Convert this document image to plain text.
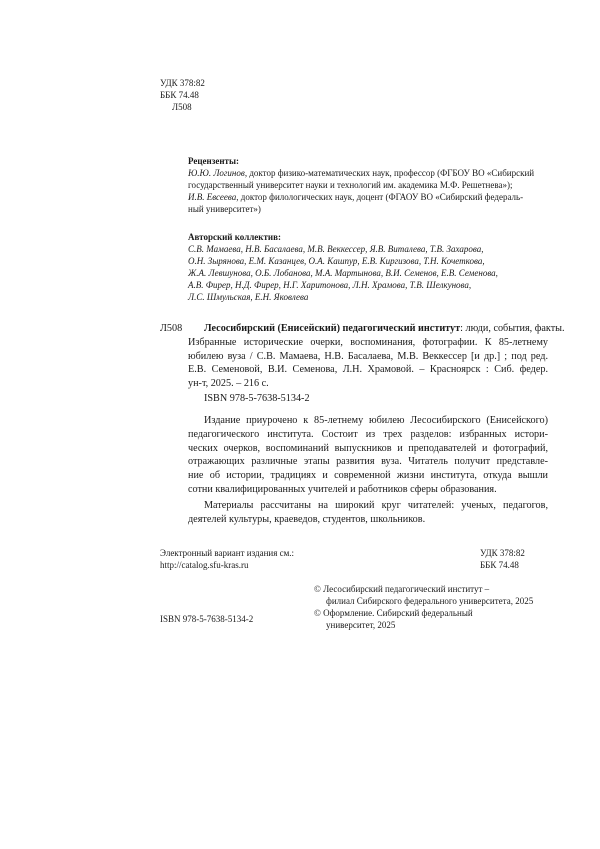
УДК 378:82
ББК 74.48
Л508
Рецензенты:
Ю.Ю. Логинов, доктор физико-математических наук, профессор (ФГБОУ ВО «Сибирский
государственный университет науки и технологий им. академика М.Ф. Решетнева»);
И.В. Евсеева, доктор филологических наук, доцент (ФГАОУ ВО «Сибирский федераль-
ный университет»)
Авторский коллектив:
С.В. Мамаева, Н.В. Басалаева, М.В. Веккессер, Я.В. Виталева, Т.В. Захарова,
О.Н. Зырянова, Е.М. Казанцев, О.А. Кашпур, Е.В. Киргизова, Т.Н. Кочеткова,
Ж.А. Левшунова, О.Б. Лобанова, М.А. Мартынова, В.И. Семенов, Е.В. Семенова,
А.В. Фирер, Н.Д. Фирер, Н.Г. Харитонова, Л.Н. Храмова, Т.В. Шелкунова,
Л.С. Шмульская, Е.Н. Яковлева
Л508	Лесосибирский (Енисейский) педагогический институт: люди, события, факты.
Избранные исторические очерки, воспоминания, фотографии. К 85-летнему
юбилею вуза / С.В. Мамаева, Н.В. Басалаева, М.В. Веккессер [и др.] ; под ред.
Е.В. Семеновой, В.И. Семенова, Л.Н. Храмовой. – Красноярск : Сиб. федер.
ун-т, 2025. – 216 с.
ISBN 978-5-7638-5134-2
Издание приурочено к 85-летнему юбилею Лесосибирского (Енисейского)
педагогического института. Состоит из трех разделов: избранных истори-
ческих очерков, воспоминаний выпускников и преподавателей и фотографий,
отражающих различные этапы развития вуза. Читатель получит представле-
ние об истории, традициях и современной жизни института, откуда вышли
сотни квалифицированных учителей и работников сферы образования.
Материалы рассчитаны на широкий круг читателей: ученых, педагогов,
деятелей культуры, краеведов, студентов, школьников.
Электронный вариант издания см.:
http://catalog.sfu-kras.ru
УДК 378:82
ББК 74.48
© Лесосибирский педагогический институт –
филиал Сибирского федерального университета, 2025
© Оформление. Сибирский федеральный
университет, 2025
ISBN 978-5-7638-5134-2
